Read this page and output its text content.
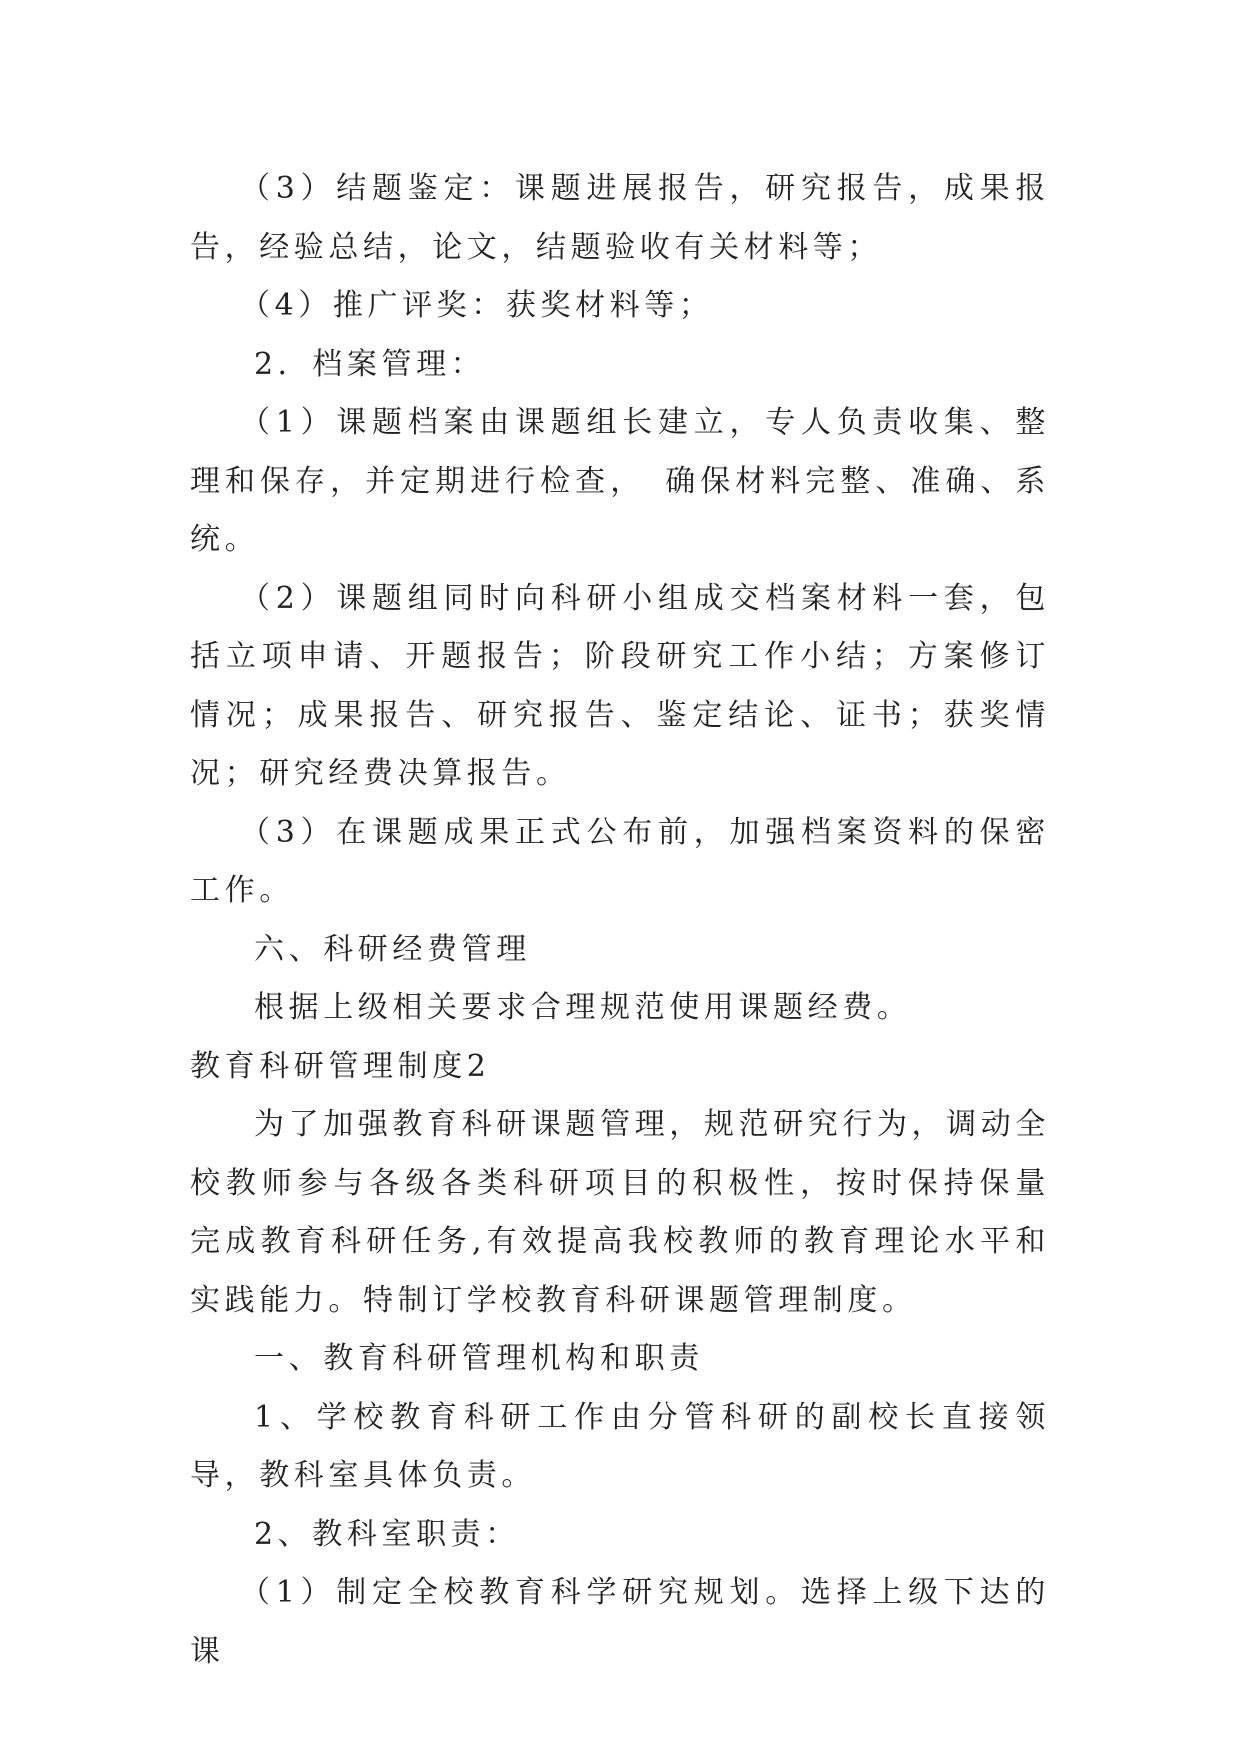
（3）结题鉴定：课题进展报告，研究报告，成果报告，经验总结，论文，结题验收有关材料等；

（4）推广评奖：获奖材料等；

2．档案管理：

（1）课题档案由课题组长建立，专人负责收集、整理和保存，并定期进行检查，　确保材料完整、准确、系统。

（2）课题组同时向科研小组成交档案材料一套，包括立项申请、开题报告；阶段研究工作小结；方案修订情况；成果报告、研究报告、鉴定结论、证书；获奖情况；研究经费决算报告。

（3）在课题成果正式公布前，加强档案资料的保密工作。

六、科研经费管理

根据上级相关要求合理规范使用课题经费。

教育科研管理制度2

为了加强教育科研课题管理，规范研究行为，调动全校教师参与各级各类科研项目的积极性，按时保持保量完成教育科研任务,有效提高我校教师的教育理论水平和实践能力。特制订学校教育科研课题管理制度。

一、教育科研管理机构和职责

1、学校教育科研工作由分管科研的副校长直接领导，教科室具体负责。

2、教科室职责：

（1）制定全校教育科学研究规划。选择上级下达的课
